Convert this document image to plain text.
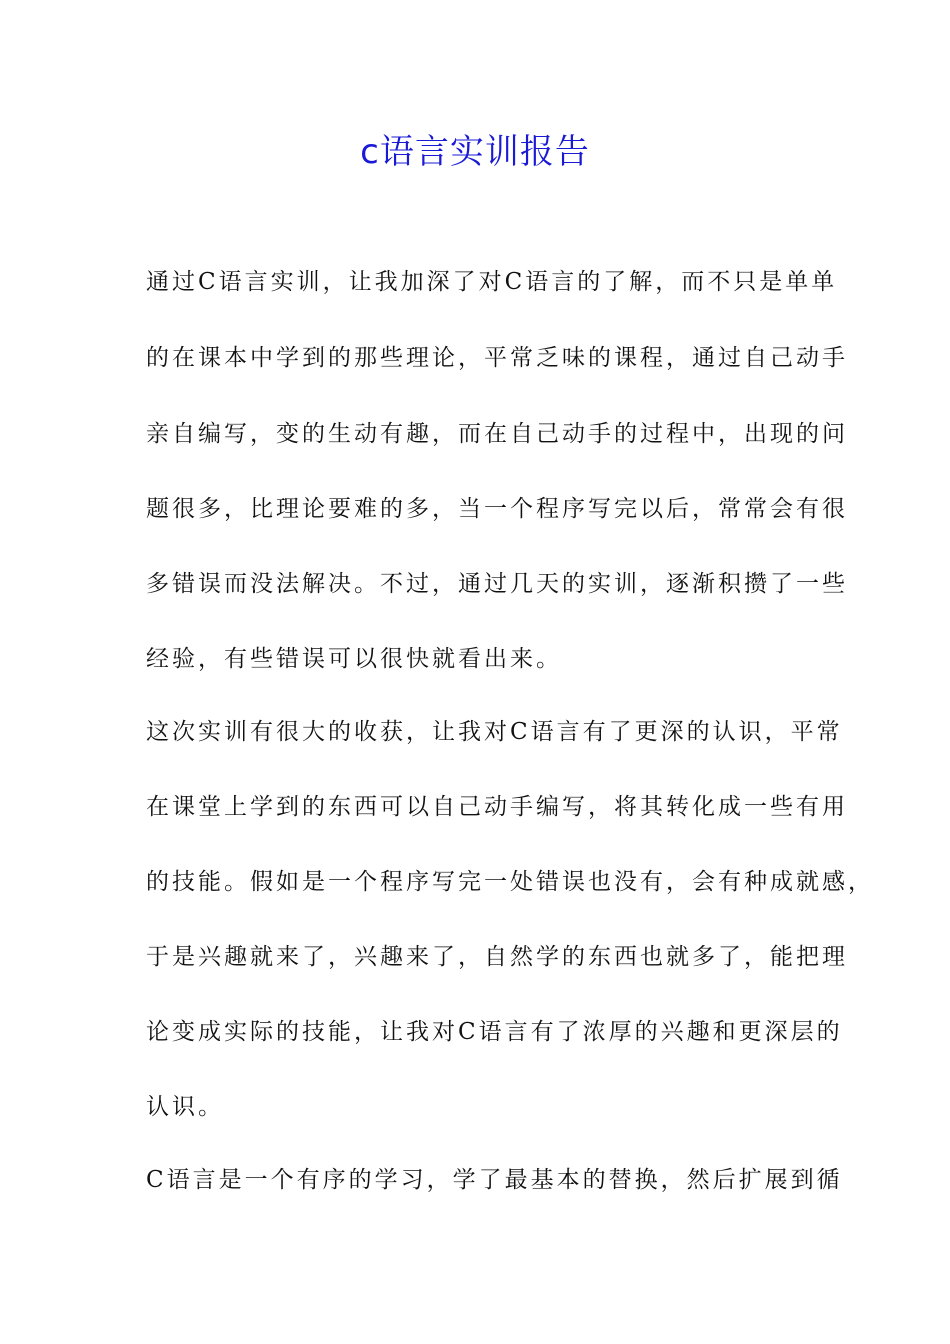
c语言实训报告

通过C语言实训，让我加深了对C语言的了解，而不只是单单

的在课本中学到的那些理论，平常乏味的课程，通过自己动手

亲自编写，变的生动有趣，而在自己动手的过程中，出现的问

题很多，比理论要难的多，当一个程序写完以后，常常会有很

多错误而没法解决。不过，通过几天的实训，逐渐积攒了一些

经验，有些错误可以很快就看出来。

这次实训有很大的收获，让我对C语言有了更深的认识，平常

在课堂上学到的东西可以自己动手编写，将其转化成一些有用

的技能。假如是一个程序写完一处错误也没有，会有种成就感，

于是兴趣就来了，兴趣来了，自然学的东西也就多了，能把理

论变成实际的技能，让我对C语言有了浓厚的兴趣和更深层的

认识。

C语言是一个有序的学习，学了最基本的替换，然后扩展到循
